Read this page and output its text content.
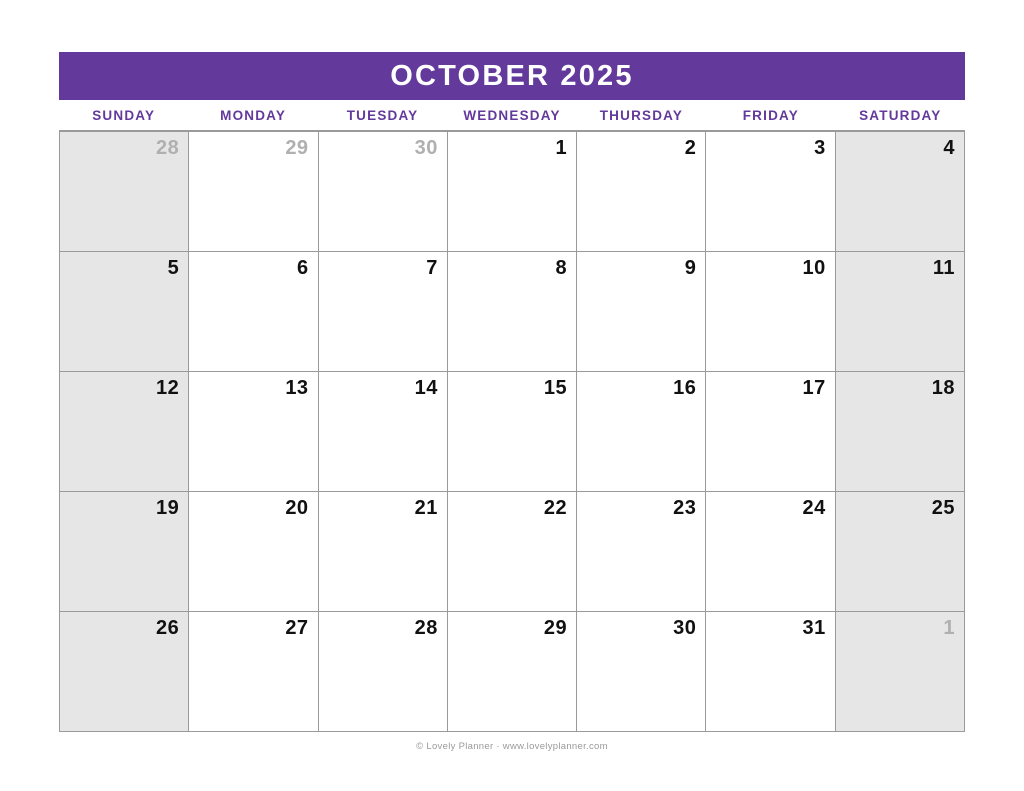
OCTOBER 2025
SUNDAY	MONDAY	TUESDAY	WEDNESDAY	THURSDAY	FRIDAY	SATURDAY
28	29	30	1	2	3	4
5	6	7	8	9	10	11
12	13	14	15	16	17	18
19	20	21	22	23	24	25
26	27	28	29	30	31	1
© Lovely Planner · www.lovelyplanner.com
